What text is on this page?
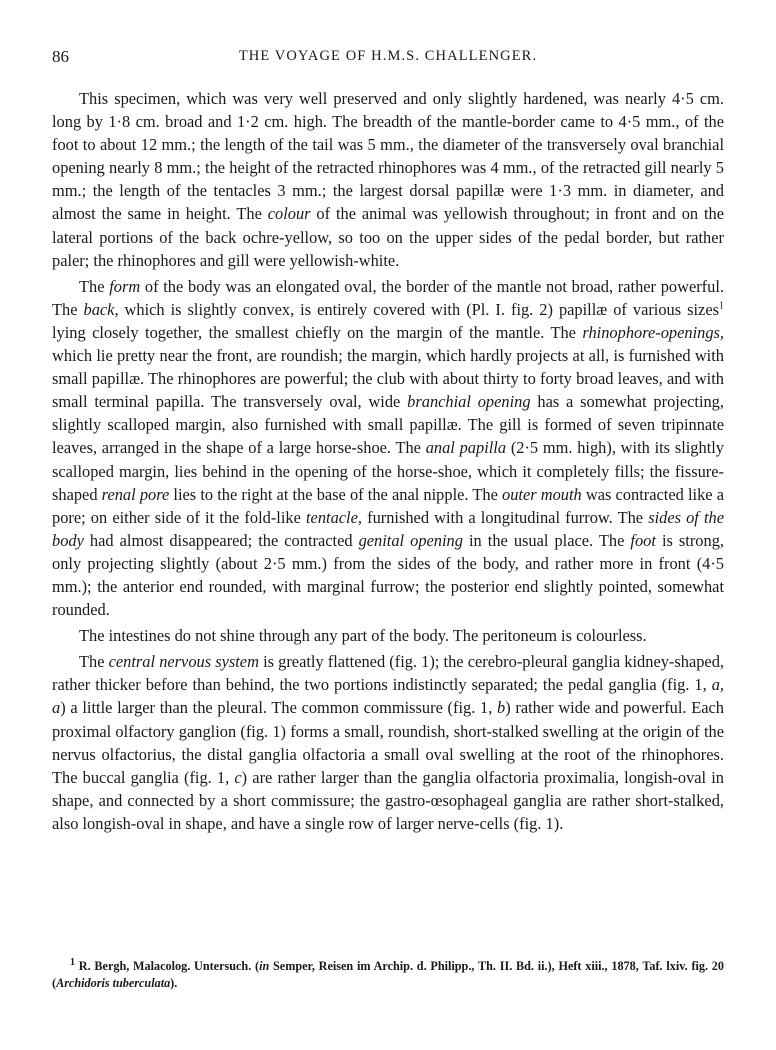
86	THE VOYAGE OF H.M.S. CHALLENGER.

This specimen, which was very well preserved and only slightly hardened, was nearly 4·5 cm. long by 1·8 cm. broad and 1·2 cm. high. The breadth of the mantle-border came to 4·5 mm., of the foot to about 12 mm.; the length of the tail was 5 mm., the diameter of the transversely oval branchial opening nearly 8 mm.; the height of the retracted rhinophores was 4 mm., of the retracted gill nearly 5 mm.; the length of the tentacles 3 mm.; the largest dorsal papillæ were 1·3 mm. in diameter, and almost the same in height. The colour of the animal was yellowish throughout; in front and on the lateral portions of the back ochre-yellow, so too on the upper sides of the pedal border, but rather paler; the rhinophores and gill were yellowish-white.

The form of the body was an elongated oval, the border of the mantle not broad, rather powerful. The back, which is slightly convex, is entirely covered with (Pl. I. fig. 2) papillæ of various sizes$^1$ lying closely together, the smallest chiefly on the margin of the mantle. The rhinophore-openings, which lie pretty near the front, are roundish; the margin, which hardly projects at all, is furnished with small papillæ. The rhinophores are powerful; the club with about thirty to forty broad leaves, and with small terminal papilla. The transversely oval, wide branchial opening has a somewhat projecting, slightly scalloped margin, also furnished with small papillæ. The gill is formed of seven tripinnate leaves, arranged in the shape of a large horse-shoe. The anal papilla (2·5 mm. high), with its slightly scalloped margin, lies behind in the opening of the horse-shoe, which it completely fills; the fissure-shaped renal pore lies to the right at the base of the anal nipple. The outer mouth was contracted like a pore; on either side of it the fold-like tentacle, furnished with a longitudinal furrow. The sides of the body had almost disappeared; the contracted genital opening in the usual place. The foot is strong, only projecting slightly (about 2·5 mm.) from the sides of the body, and rather more in front (4·5 mm.); the anterior end rounded, with marginal furrow; the posterior end slightly pointed, somewhat rounded.

The intestines do not shine through any part of the body. The peritoneum is colourless.

The central nervous system is greatly flattened (fig. 1); the cerebro-pleural ganglia kidney-shaped, rather thicker before than behind, the two portions indistinctly separated; the pedal ganglia (fig. 1, a, a) a little larger than the pleural. The common commissure (fig. 1, b) rather wide and powerful. Each proximal olfactory ganglion (fig. 1) forms a small, roundish, short-stalked swelling at the origin of the nervus olfactorius, the distal ganglia olfactoria a small oval swelling at the root of the rhinophores. The buccal ganglia (fig. 1, c) are rather larger than the ganglia olfactoria proximalia, longish-oval in shape, and connected by a short commissure; the gastro-œsophageal ganglia are rather short-stalked, also longish-oval in shape, and have a single row of larger nerve-cells (fig. 1).

$^1$ R. Bergh, Malacolog. Untersuch. (in Semper, Reisen im Archip. d. Philipp., Th. II. Bd. ii.), Heft xiii., 1878, Taf. lxiv. fig. 20 (Archidoris tuberculata).
